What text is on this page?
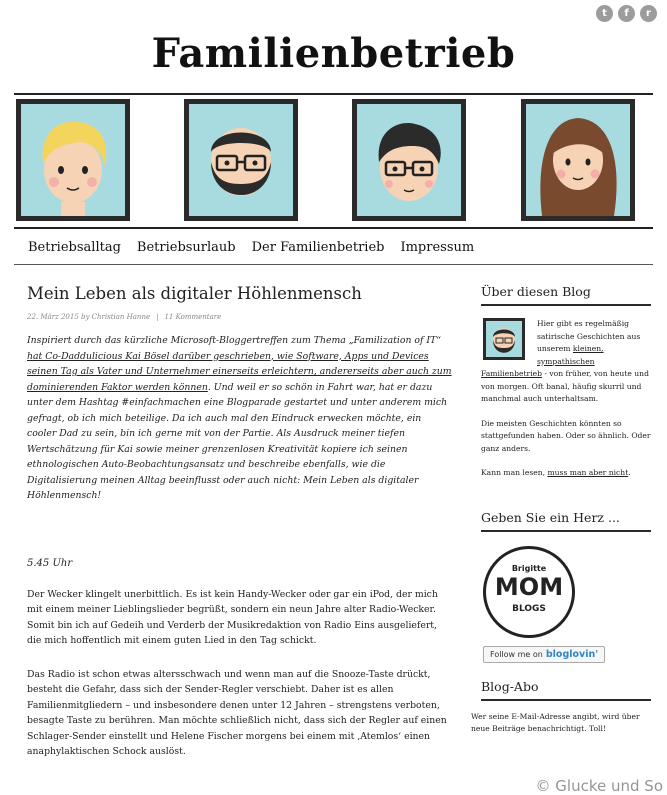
t	f	r
Familienbetrieb
Betriebsalltag Betriebsurlaub Der Familienbetrieb Impressum
Mein Leben als digitaler Höhlenmensch
22. März 2015 by Christian Hanne | 11 Kommentare

Inspiriert durch das kürzliche Microsoft-Bloggertreffen zum Thema „Familization of IT“ hat Co-Daddulicious Kai Bösel darüber geschrieben, wie Software, Apps und Devices seinen Tag als Vater und Unternehmer einerseits erleichtern, andererseits aber auch zum dominierenden Faktor werden können. Und weil er so schön in Fahrt war, hat er dazu unter dem Hashtag #einfachmachen eine Blogparade gestartet und unter anderem mich gefragt, ob ich mich beteilige. Da ich auch mal den Eindruck erwecken möchte, ein cooler Dad zu sein, bin ich gerne mit von der Partie. Als Ausdruck meiner tiefen Wertschätzung für Kai sowie meiner grenzenlosen Kreativität kopiere ich seinen ethnologischen Auto-Beobachtungsansatz und beschreibe ebenfalls, wie die Digitalisierung meinen Alltag beeinflusst oder auch nicht: Mein Leben als digitaler Höhlenmensch!

5.45 Uhr

Der Wecker klingelt unerbittlich. Es ist kein Handy-Wecker oder gar ein iPod, der mich mit einem meiner Lieblingslieder begrüßt, sondern ein neun Jahre alter Radio-Wecker. Somit bin ich auf Gedeih und Verderb der Musikredaktion von Radio Eins ausgeliefert, die mich hoffentlich mit einem guten Lied in den Tag schickt.

Das Radio ist schon etwas altersschwach und wenn man auf die Snooze-Taste drückt, besteht die Gefahr, dass sich der Sender-Regler verschiebt. Daher ist es allen Familienmitgliedern – und insbesondere denen unter 12 Jahren – strengstens verboten, besagte Taste zu berühren. Man möchte schließlich nicht, dass sich der Regler auf einen Schlager-Sender einstellt und Helene Fischer morgens bei einem mit ‚Atemlos‘ einen anaphylaktischen Schock auslöst.

Über diesen Blog

Hier gibt es regelmäßig satirische Geschichten aus unserem kleinen, sympathischen Familienbetrieb - von früher, von heute und von morgen. Oft banal, häufig skurril und manchmal auch unterhaltsam.

Die meisten Geschichten könnten so stattgefunden haben. Oder so ähnlich. Oder ganz anders.

Kann man lesen, muss man aber nicht.

Geben Sie ein Herz ...
Brigitte
MOM
BLOGS
Follow me on bloglovin'
Blog-Abo

Wer seine E-Mail-Adresse angibt, wird über neue Beiträge benachrichtigt. Toll!

© Glucke und So
